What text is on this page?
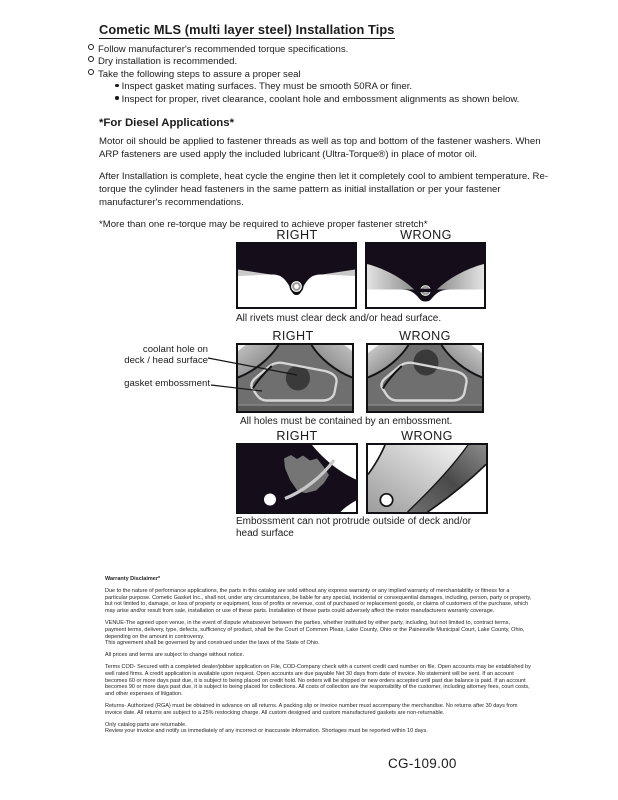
Cometic MLS (multi layer steel) Installation Tips
Follow manufacturer's recommended torque specifications.
Dry installation is recommended.
Take the following steps to assure a proper seal
Inspect gasket mating surfaces. They must be smooth 50RA or finer.
Inspect for proper, rivet clearance, coolant hole and embossment alignments as shown below.
*For Diesel Applications*
Motor oil should be applied to fastener threads as well as top and bottom of the fastener washers. When ARP fasteners are used apply the included lubricant (Ultra-Torque®) in place of motor oil.
After Installation is complete, heat cycle the engine then let it completely cool to ambient temperature. Re-torque the cylinder head fasteners in the same pattern as initial installation or per your fastener manufacturer's recommendations.
*More than one re-torque may be required to achieve proper fastener stretch*
RIGHT	WRONG
All rivets must clear deck and/or head surface.
RIGHT	WRONG
coolant hole on
deck / head surface
gasket embossment
All holes must be contained by an embossment.
RIGHT	WRONG
Embossment can not protrude outside of deck and/or head surface
Warranty Disclaimer*
Due to the nature of performance applications, the parts in this catalog are sold without any express warranty or any implied warranty of merchantability or fitness for a particular purpose. Cometic Gasket Inc., shall not, under any circumstances, be liable for any special, incidental or consequential damages, including, person, party or property, but not limited to, damage, or loss of property or equipment, loss of profits or revenue, cost of purchased or replacement goods, or claims of customers of the purchase, which may arise and/or result from sale, installation or use of these parts. Installation of these parts could adversely affect the motor manufacturers warranty coverage.
VENUE-The agreed upon venue, in the event of dispute whatsoever between the parties, whether instituted by either party, including, but not limited to, contract terms, payment terms, delivery, type, defects, sufficiency of product, shall be the Court of Common Pleas, Lake County, Ohio or the Painesville Municipal Court, Lake County, Ohio, depending on the amount in controversy.
This agreement shall be governed by and construed under the laws of the State of Ohio.
All prices and terms are subject to change without notice.
Terms COD- Secured with a completed dealer/jobber application on File, COD-Company check with a current credit card number on file. Open accounts may be established by well rated firms. A credit application is available upon request. Open accounts are due payable Net 30 days from date of invoice. No statement will be sent. If an account becomes 60 or more days past due, it is subject to being placed on credit hold. No orders will be shipped or new orders accepted until past due balance is paid. If an account becomes 90 or more days past due, it is subject to being placed for collections. All costs of collection are the responsibility of the customer, including attorney fees, court costs, and other expenses of litigation.
Returns- Authorized (RGA) must be obtained in advance on all returns. A packing slip or invoice number must accompany the merchandise. No returns after 30 days from invoice date. All returns are subject to a 25% restocking charge. All custom designed and custom manufactured gaskets are non-returnable.
Only catalog parts are returnable.
Review your invoice and notify us immediately of any incorrect or inaccurate information. Shortages must be reported within 10 days.
CG-109.00
